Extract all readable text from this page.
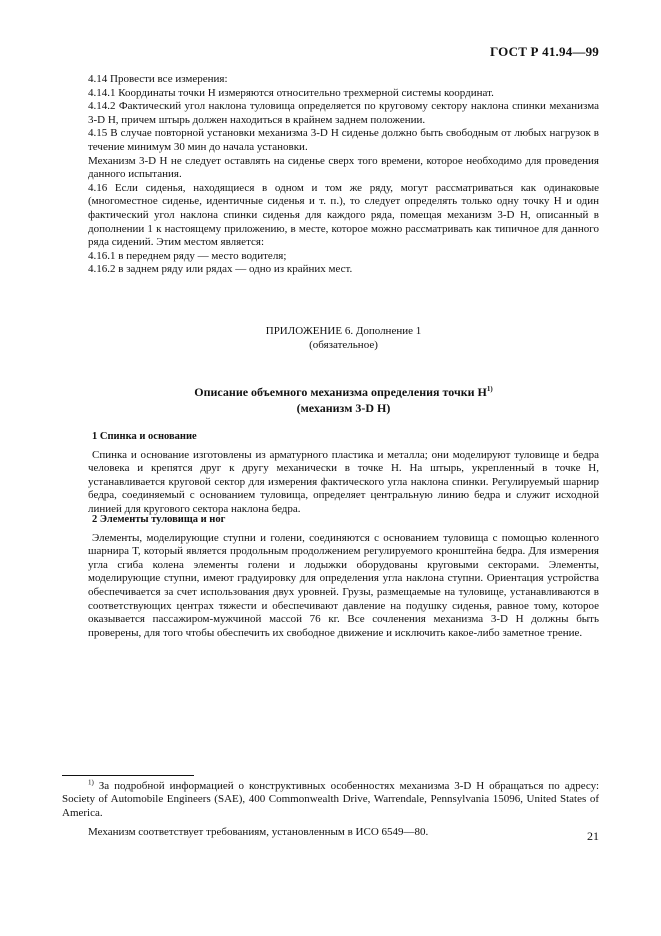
ГОСТ Р 41.94—99

4.14 Провести все измерения:

4.14.1 Координаты точки H измеряются относительно трехмерной системы координат.

4.14.2 Фактический угол наклона туловища определяется по круговому сектору наклона спинки механизма 3-D H, причем штырь должен находиться в крайнем заднем положении.

4.15 В случае повторной установки механизма 3-D H сиденье должно быть свободным от любых нагрузок в течение минимум 30 мин до начала установки.

Механизм 3-D H не следует оставлять на сиденье сверх того времени, которое необходимо для проведения данного испытания.

4.16 Если сиденья, находящиеся в одном и том же ряду, могут рассматриваться как одинаковые (многоместное сиденье, идентичные сиденья и т. п.), то следует определять только одну точку H и один фактический угол наклона спинки сиденья для каждого ряда, помещая механизм 3-D H, описанный в дополнении 1 к настоящему приложению, в месте, которое можно рассматривать как типичное для данного ряда сидений. Этим местом является:

4.16.1 в переднем ряду — место водителя;

4.16.2 в заднем ряду или рядах — одно из крайних мест.

ПРИЛОЖЕНИЕ 6. Дополнение 1
(обязательное)
Описание объемного механизма определения точки H$^{1)}$
(механизм 3-D H)
1 Спинка и основание

Спинка и основание изготовлены из арматурного пластика и металла; они моделируют туловище и бедра человека и крепятся друг к другу механически в точке H. На штырь, укрепленный в точке H, устанавливается круговой сектор для измерения фактического угла наклона спинки. Регулируемый шарнир бедра, соединяемый с основанием туловища, определяет центральную линию бедра и служит исходной линией для кругового сектора наклона бедра.

2 Элементы туловища и ног

Элементы, моделирующие ступни и голени, соединяются с основанием туловища с помощью коленного шарнира Т, который является продольным продолжением регулируемого кронштейна бедра. Для измерения угла сгиба колена элементы голени и лодыжки оборудованы круговыми секторами. Элементы, моделирующие ступни, имеют градуировку для определения угла наклона ступни. Ориентация устройства обеспечивается за счет использования двух уровней. Грузы, размещаемые на туловище, устанавливаются в соответствующих центрах тяжести и обеспечивают давление на подушку сиденья, равное тому, которое оказывается пассажиром-мужчиной массой 76 кг. Все сочленения механизма 3-D H должны быть проверены, для того чтобы обеспечить их свободное движение и исключить какое-либо заметное трение.

$^{1)}$ За подробной информацией о конструктивных особенностях механизма 3-D H обращаться по адресу: Society of Automobile Engineers (SAE), 400 Commonwealth Drive, Warrendale, Pennsylvania 15096, United States of America.

Механизм соответствует требованиям, установленным в ИСО 6549—80.	21
